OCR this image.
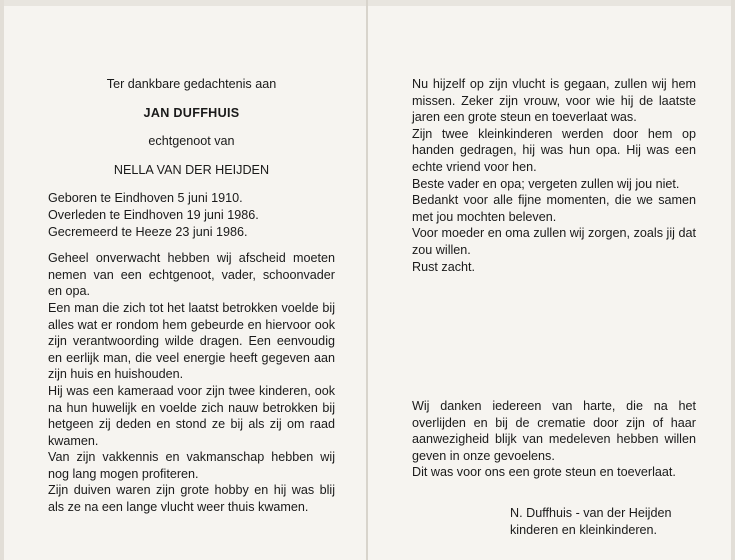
Ter dankbare gedachtenis aan

JAN DUFFHUIS

echtgenoot van

NELLA VAN DER HEIJDEN

Geboren te Eindhoven 5 juni 1910.

Overleden te Eindhoven 19 juni 1986.

Gecremeerd te Heeze 23 juni 1986.

Geheel onverwacht hebben wij afscheid moeten nemen van een echtgenoot, vader, schoonvader en opa.

Een man die zich tot het laatst betrokken voelde bij alles wat er rondom hem gebeurde en hiervoor ook zijn verantwoording wilde dragen. Een eenvoudig en eerlijk man, die veel energie heeft gegeven aan zijn huis en huishouden.

Hij was een kameraad voor zijn twee kinderen, ook na hun huwelijk en voelde zich nauw betrokken bij hetgeen zij deden en stond ze bij als zij om raad kwamen.

Van zijn vakkennis en vakmanschap hebben wij nog lang mogen profiteren.

Zijn duiven waren zijn grote hobby en hij was blij als ze na een lange vlucht weer thuis kwamen.

Nu hijzelf op zijn vlucht is gegaan, zullen wij hem missen. Zeker zijn vrouw, voor wie hij de laatste jaren een grote steun en toeverlaat was.

Zijn twee kleinkinderen werden door hem op handen gedragen, hij was hun opa. Hij was een echte vriend voor hen.

Beste vader en opa; vergeten zullen wij jou niet.

Bedankt voor alle fijne momenten, die we samen met jou mochten beleven.

Voor moeder en oma zullen wij zorgen, zoals jij dat zou willen.

Rust zacht.

Wij danken iedereen van harte, die na het overlijden en bij de crematie door zijn of haar aanwezigheid blijk van medeleven hebben willen geven in onze gevoelens.

Dit was voor ons een grote steun en toeverlaat.

N. Duffhuis - van der Heijden

kinderen en kleinkinderen.
